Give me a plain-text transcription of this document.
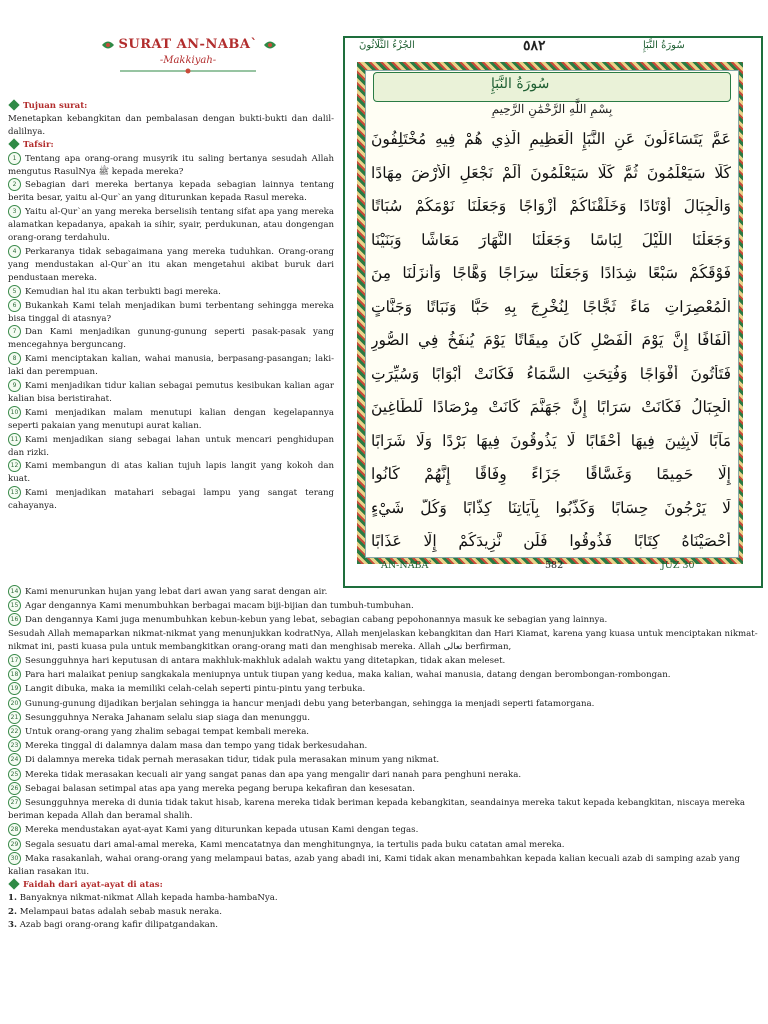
SURAT AN-NABA`
-Makkiyah-

Tujuan surat:

Menetapkan kebangkitan dan pembalasan dengan bukti-bukti dan dalil-dalilnya.

Tafsir:

1 Tentang apa orang-orang musyrik itu saling bertanya sesudah Allah mengutus RasulNya ﷺ kepada mereka?

2 Sebagian dari mereka bertanya kepada sebagian lainnya tentang berita besar, yaitu al-Qur`an yang diturunkan kepada Rasul mereka.

3 Yaitu al-Qur`an yang mereka berselisih tentang sifat apa yang mereka alamatkan kepadanya, apakah ia sihir, syair, perdukunan, atau dongengan orang-orang terdahulu.

4 Perkaranya tidak sebagaimana yang mereka tuduhkan. Orang-orang yang mendustakan al-Qur`an itu akan mengetahui akibat buruk dari pendustaan mereka.

5 Kemudian hal itu akan terbukti bagi mereka.

6 Bukankah Kami telah menjadikan bumi terbentang sehingga mereka bisa tinggal di atasnya?

7 Dan Kami menjadikan gunung-gunung seperti pasak-pasak yang mencegahnya berguncang.

8 Kami menciptakan kalian, wahai manusia, berpasang-pasangan; laki-laki dan perempuan.

9 Kami menjadikan tidur kalian sebagai pemutus kesibukan kalian agar kalian bisa beristirahat.

10 Kami menjadikan malam menutupi kalian dengan kegelapannya seperti pakaian yang menutupi aurat kalian.

11 Kami menjadikan siang sebagai lahan untuk mencari penghidupan dan rizki.

12 Kami membangun di atas kalian tujuh lapis langit yang kokoh dan kuat.

13 Kami menjadikan matahari sebagai lampu yang sangat terang cahayanya.

14 Kami menurunkan hujan yang lebat dari awan yang sarat dengan air.

15 Agar dengannya Kami menumbuhkan berbagai macam biji-bijian dan tumbuh-tumbuhan.

16 Dan dengannya Kami juga menumbuhkan kebun-kebun yang lebat, sebagian cabang pepohonannya masuk ke sebagian yang lainnya.

Sesudah Allah memaparkan nikmat-nikmat yang menunjukkan kodratNya, Allah menjelaskan kebangkitan dan Hari Kiamat, karena yang kuasa untuk menciptakan nikmat-nikmat ini, pasti kuasa pula untuk membangkitkan orang-orang mati dan menghisab mereka. Allah تعالى berfirman,

17 Sesungguhnya hari keputusan di antara makhluk-makhluk adalah waktu yang ditetapkan, tidak akan meleset.

18 Para hari malaikat peniup sangkakala meniupnya untuk tiupan yang kedua, maka kalian, wahai manusia, datang dengan berombongan-rombongan.

19 Langit dibuka, maka ia memiliki celah-celah seperti pintu-pintu yang terbuka.

20 Gunung-gunung dijadikan berjalan sehingga ia hancur menjadi debu yang beterbangan, sehingga ia menjadi seperti fatamorgana.

21 Sesungguhnya Neraka Jahanam selalu siap siaga dan menunggu.

22 Untuk orang-orang yang zhalim sebagai tempat kembali mereka.

23 Mereka tinggal di dalamnya dalam masa dan tempo yang tidak berkesudahan.

24 Di dalamnya mereka tidak pernah merasakan tidur, tidak pula merasakan minum yang nikmat.

25 Mereka tidak merasakan kecuali air yang sangat panas dan apa yang mengalir dari nanah para penghuni neraka.

26 Sebagai balasan setimpal atas apa yang mereka pegang berupa kekafiran dan kesesatan.

27 Sesungguhnya mereka di dunia tidak takut hisab, karena mereka tidak beriman kepada kebangkitan, seandainya mereka takut kepada kebangkitan, niscaya mereka beriman kepada Allah dan beramal shalih.

28 Mereka mendustakan ayat-ayat Kami yang diturunkan kepada utusan Kami dengan tegas.

29 Segala sesuatu dari amal-amal mereka, Kami mencatatnya dan menghitungnya, ia tertulis pada buku catatan amal mereka.

30 Maka rasakanlah, wahai orang-orang yang melampaui batas, azab yang abadi ini, Kami tidak akan menambahkan kepada kalian kecuali azab di samping azab yang kalian rasakan itu.

Faidah dari ayat-ayat di atas:

1. Banyaknya nikmat-nikmat Allah kepada hamba-hambaNya.

2. Melampaui batas adalah sebab masuk neraka.

3. Azab bagi orang-orang kafir dilipatgandakan.

الجُزْءُ الثَّلَاثُونَ	٥٨٢	سُورَةُ النَّبَإِ
سُورَةُ النَّبَإِ
بِسْمِ اللَّهِ الرَّحْمَٰنِ الرَّحِيمِ
عَمَّ يَتَسَاءَلُونَ عَنِ النَّبَإِ الْعَظِيمِ الَّذِي هُمْ فِيهِ مُخْتَلِفُونَ
كَلَّا سَيَعْلَمُونَ ثُمَّ كَلَّا سَيَعْلَمُونَ أَلَمْ نَجْعَلِ الْأَرْضَ مِهَادًا
وَالْجِبَالَ أَوْتَادًا وَخَلَقْنَاكُمْ أَزْوَاجًا وَجَعَلْنَا نَوْمَكُمْ سُبَاتًا
وَجَعَلْنَا اللَّيْلَ لِبَاسًا وَجَعَلْنَا النَّهَارَ مَعَاشًا وَبَنَيْنَا
فَوْقَكُمْ سَبْعًا شِدَادًا وَجَعَلْنَا سِرَاجًا وَهَّاجًا وَأَنزَلْنَا مِنَ
الْمُعْصِرَاتِ مَاءً ثَجَّاجًا لِنُخْرِجَ بِهِ حَبًّا وَنَبَاتًا وَجَنَّاتٍ
أَلْفَافًا إِنَّ يَوْمَ الْفَصْلِ كَانَ مِيقَاتًا يَوْمَ يُنفَخُ فِي الصُّورِ
فَتَأْتُونَ أَفْوَاجًا وَفُتِحَتِ السَّمَاءُ فَكَانَتْ أَبْوَابًا وَسُيِّرَتِ
الْجِبَالُ فَكَانَتْ سَرَابًا إِنَّ جَهَنَّمَ كَانَتْ مِرْصَادًا لِّلطَّاغِينَ
مَآبًا لَّابِثِينَ فِيهَا أَحْقَابًا لَّا يَذُوقُونَ فِيهَا بَرْدًا وَلَا شَرَابًا
إِلَّا حَمِيمًا وَغَسَّاقًا جَزَاءً وِفَاقًا إِنَّهُمْ كَانُوا
لَا يَرْجُونَ حِسَابًا وَكَذَّبُوا بِآيَاتِنَا كِذَّابًا وَكُلَّ شَيْءٍ
أَحْصَيْنَاهُ كِتَابًا فَذُوقُوا فَلَن نَّزِيدَكُمْ إِلَّا عَذَابًا
AN-NABA`	582	JUZ 30
